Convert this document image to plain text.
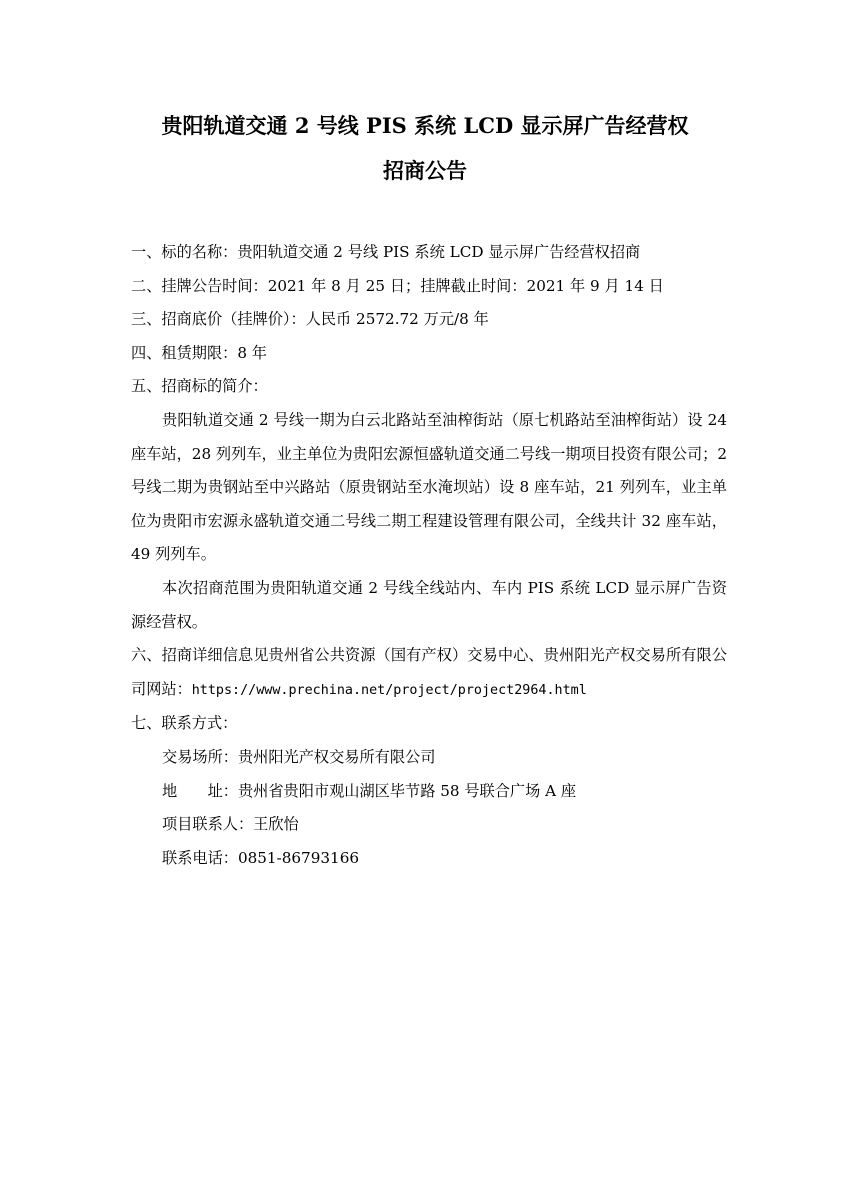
贵阳轨道交通 2 号线 PIS 系统 LCD 显示屏广告经营权
招商公告

一、标的名称：贵阳轨道交通 2 号线 PIS 系统 LCD 显示屏广告经营权招商

二、挂牌公告时间：2021 年 8 月 25 日；挂牌截止时间：2021 年 9 月 14 日

三、招商底价（挂牌价）：人民币 2572.72 万元/8 年

四、租赁期限：8 年

五、招商标的简介：

贵阳轨道交通 2 号线一期为白云北路站至油榨街站（原七机路站至油榨街站）设 24 座车站，28 列列车，业主单位为贵阳宏源恒盛轨道交通二号线一期项目投资有限公司；2 号线二期为贵钢站至中兴路站（原贵钢站至水淹坝站）设 8 座车站，21 列列车，业主单位为贵阳市宏源永盛轨道交通二号线二期工程建设管理有限公司，全线共计 32 座车站，49 列列车。

本次招商范围为贵阳轨道交通 2 号线全线站内、车内 PIS 系统 LCD 显示屏广告资源经营权。

六、招商详细信息见贵州省公共资源（国有产权）交易中心、贵州阳光产权交易所有限公司网站：https://www.prechina.net/project/project2964.html

七、联系方式：

交易场所：贵州阳光产权交易所有限公司

地　　址：贵州省贵阳市观山湖区毕节路 58 号联合广场 A 座

项目联系人：王欣怡

联系电话：0851-86793166
